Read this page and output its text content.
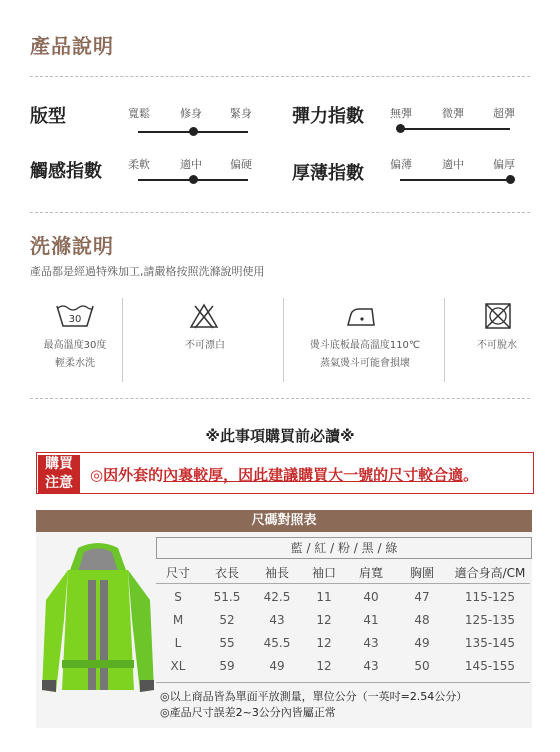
產品說明
版型	寬鬆	修身	緊身 彈力指數 無彈	微彈	超彈
觸感指數 柔軟	適中	偏硬 厚薄指數 偏薄	適中	偏厚
洗滌說明
產品都是經過特殊加工,請嚴格按照洗滌說明使用
30
最高溫度30度
輕柔水洗
不可漂白	燙斗底板最高溫度110℃
蒸氣燙斗可能會損壞
不可脫水
※此事項購買前必讀※
購買
注意	◎因外套的內裏較厚，因此建議購買大一號的尺寸較合適。
尺碼對照表
藍 / 紅 / 粉 / 黑 / 綠
尺寸	衣長	袖長	袖口	肩寬	胸圍	適合身高/CM
S	51.5	42.5	11	40	47	115-125
M	52	43	12	41	48	125-135
L	55	45.5	12	43	49	135-145
XL	59	49	12	43	50	145-155
◎以上商品皆為單面平放測量，單位公分（一英吋=2.54公分）
◎產品尺寸誤差2~3公分內皆屬正常
